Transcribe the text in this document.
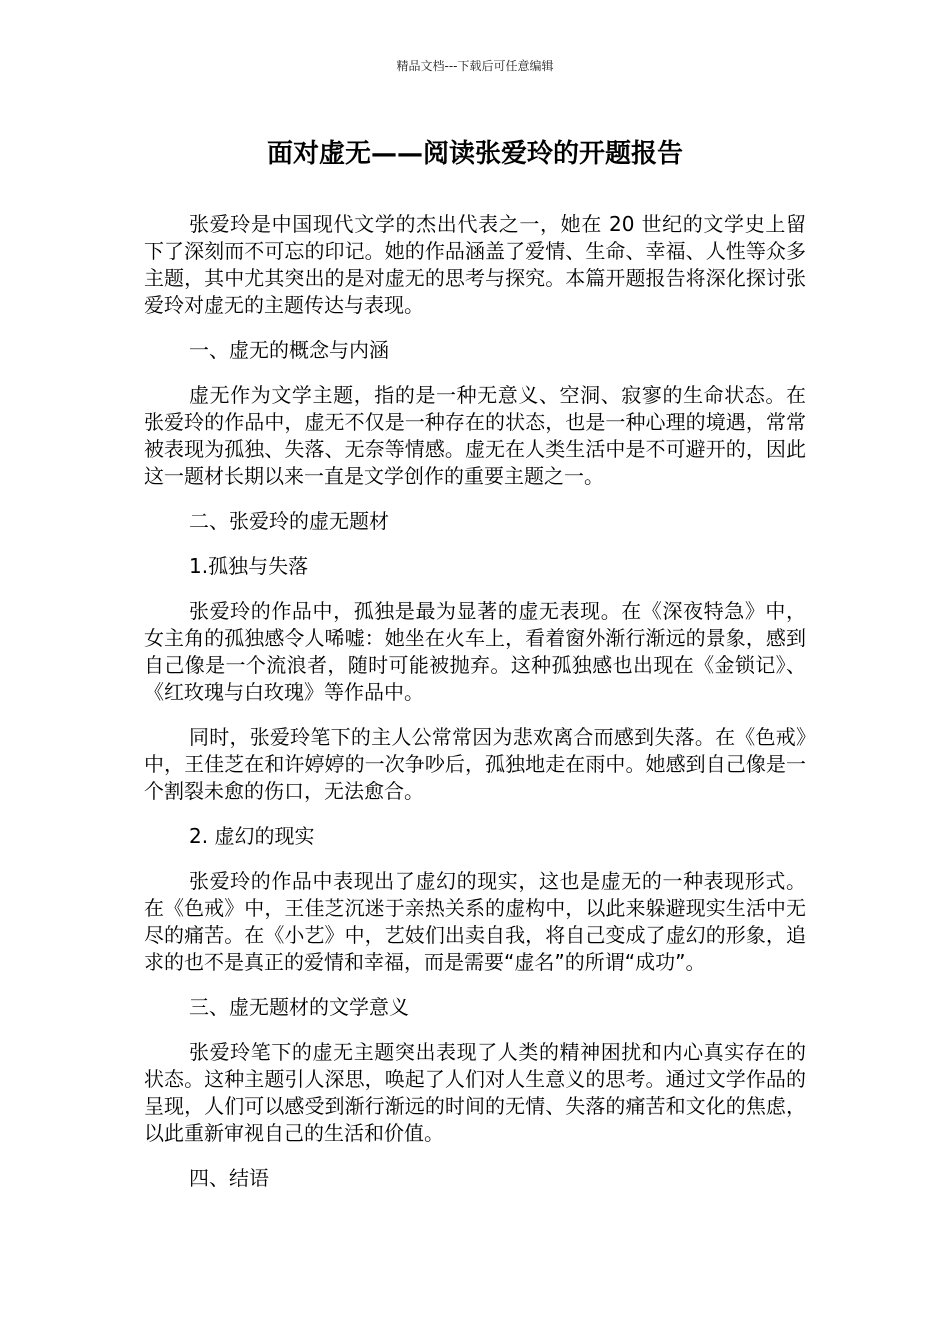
精品文档---下载后可任意编辑
面对虚无——阅读张爱玲的开题报告

张爱玲是中国现代文学的杰出代表之一，她在 20 世纪的文学史上留下了深刻而不可忘的印记。她的作品涵盖了爱情、生命、幸福、人性等众多主题，其中尤其突出的是对虚无的思考与探究。本篇开题报告将深化探讨张爱玲对虚无的主题传达与表现。

一、虚无的概念与内涵

虚无作为文学主题，指的是一种无意义、空洞、寂寥的生命状态。在张爱玲的作品中，虚无不仅是一种存在的状态，也是一种心理的境遇，常常被表现为孤独、失落、无奈等情感。虚无在人类生活中是不可避开的，因此这一题材长期以来一直是文学创作的重要主题之一。

二、张爱玲的虚无题材

1.孤独与失落

张爱玲的作品中，孤独是最为显著的虚无表现。在《深夜特急》中，女主角的孤独感令人唏嘘：她坐在火车上，看着窗外渐行渐远的景象，感到自己像是一个流浪者，随时可能被抛弃。这种孤独感也出现在《金锁记》、《红玫瑰与白玫瑰》等作品中。

同时，张爱玲笔下的主人公常常因为悲欢离合而感到失落。在《色戒》中，王佳芝在和许婷婷的一次争吵后，孤独地走在雨中。她感到自己像是一个割裂未愈的伤口，无法愈合。

2. 虚幻的现实

张爱玲的作品中表现出了虚幻的现实，这也是虚无的一种表现形式。在《色戒》中，王佳芝沉迷于亲热关系的虚构中，以此来躲避现实生活中无尽的痛苦。在《小艺》中，艺妓们出卖自我，将自己变成了虚幻的形象，追求的也不是真正的爱情和幸福，而是需要“虚名”的所谓“成功”。

三、虚无题材的文学意义

张爱玲笔下的虚无主题突出表现了人类的精神困扰和内心真实存在的状态。这种主题引人深思，唤起了人们对人生意义的思考。通过文学作品的呈现，人们可以感受到渐行渐远的时间的无情、失落的痛苦和文化的焦虑，以此重新审视自己的生活和价值。

四、结语
